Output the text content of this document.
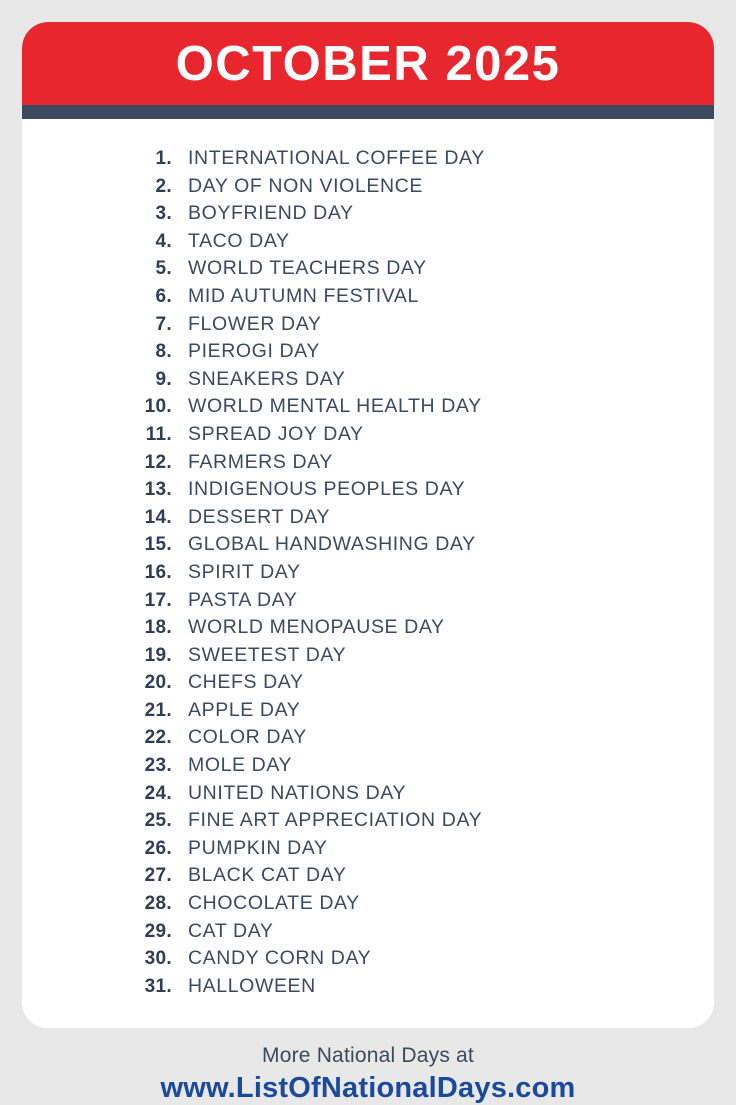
OCTOBER 2025
1. INTERNATIONAL COFFEE DAY
2. DAY OF NON VIOLENCE
3. BOYFRIEND DAY
4. TACO DAY
5. WORLD TEACHERS DAY
6. MID AUTUMN FESTIVAL
7. FLOWER DAY
8. PIEROGI DAY
9. SNEAKERS DAY
10. WORLD MENTAL HEALTH DAY
11. SPREAD JOY DAY
12. FARMERS DAY
13. INDIGENOUS PEOPLES DAY
14. DESSERT DAY
15. GLOBAL HANDWASHING DAY
16. SPIRIT DAY
17. PASTA DAY
18. WORLD MENOPAUSE DAY
19. SWEETEST DAY
20. CHEFS DAY
21. APPLE DAY
22. COLOR DAY
23. MOLE DAY
24. UNITED NATIONS DAY
25. FINE ART APPRECIATION DAY
26. PUMPKIN DAY
27. BLACK CAT DAY
28. CHOCOLATE DAY
29. CAT DAY
30. CANDY CORN DAY
31. HALLOWEEN
More National Days at
www.ListOfNationalDays.com
